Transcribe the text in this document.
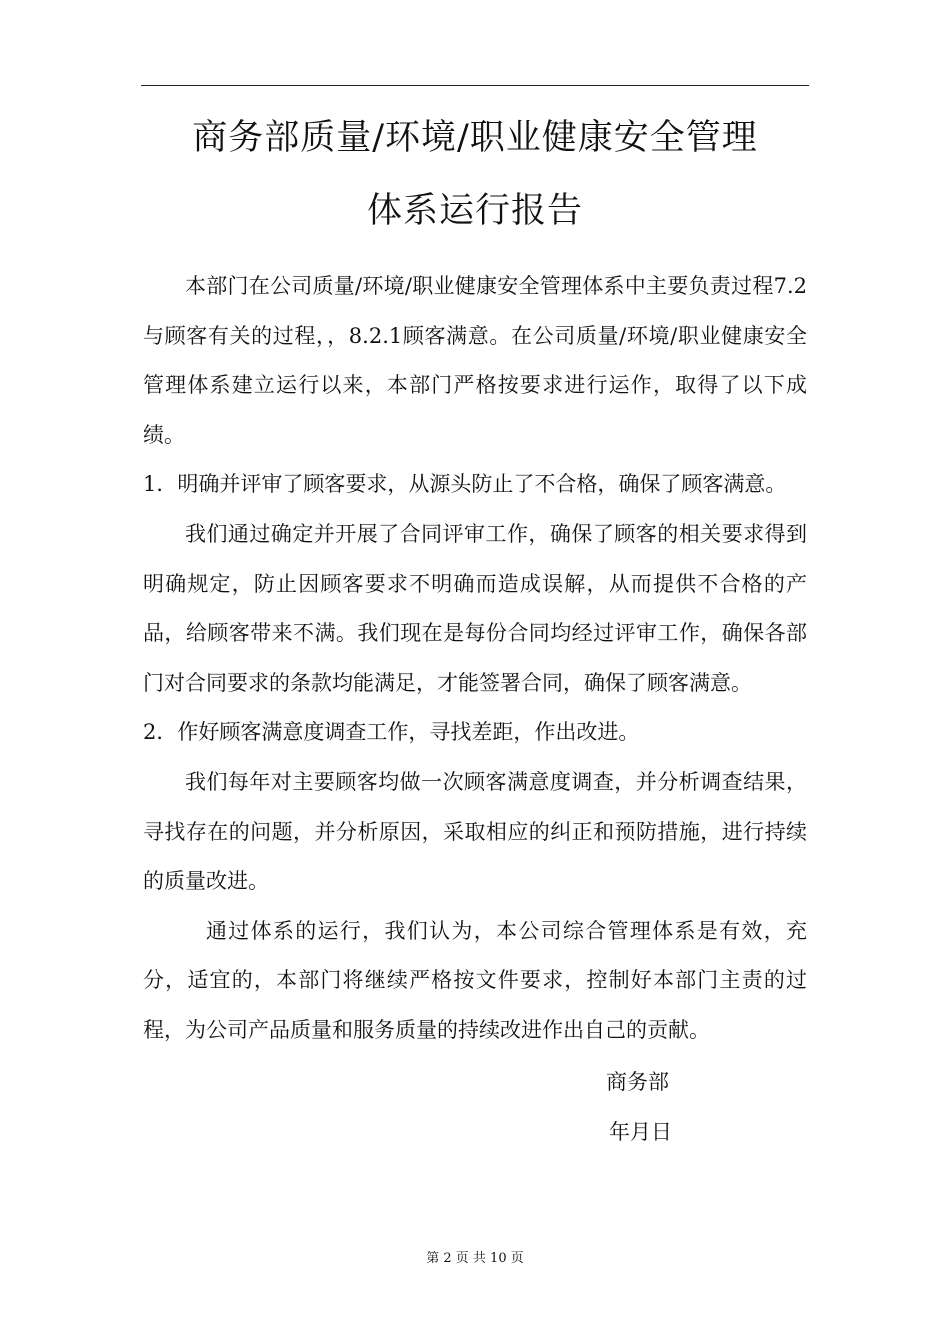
商务部质量/环境/职业健康安全管理
体系运行报告

本部门在公司质量/环境/职业健康安全管理体系中主要负责过程7.2与顾客有关的过程，，8.2.1顾客满意。在公司质量/环境/职业健康安全管理体系建立运行以来，本部门严格按要求进行运作，取得了以下成绩。

1．明确并评审了顾客要求，从源头防止了不合格，确保了顾客满意。

我们通过确定并开展了合同评审工作，确保了顾客的相关要求得到明确规定，防止因顾客要求不明确而造成误解，从而提供不合格的产品，给顾客带来不满。我们现在是每份合同均经过评审工作，确保各部门对合同要求的条款均能满足，才能签署合同，确保了顾客满意。

2．作好顾客满意度调查工作，寻找差距，作出改进。

我们每年对主要顾客均做一次顾客满意度调查，并分析调查结果，寻找存在的问题，并分析原因，采取相应的纠正和预防措施，进行持续的质量改进。

通过体系的运行，我们认为，本公司综合管理体系是有效，充分，适宜的，本部门将继续严格按文件要求，控制好本部门主责的过程，为公司产品质量和服务质量的持续改进作出自己的贡献。

商务部
年月日
第 2 页 共 10 页
